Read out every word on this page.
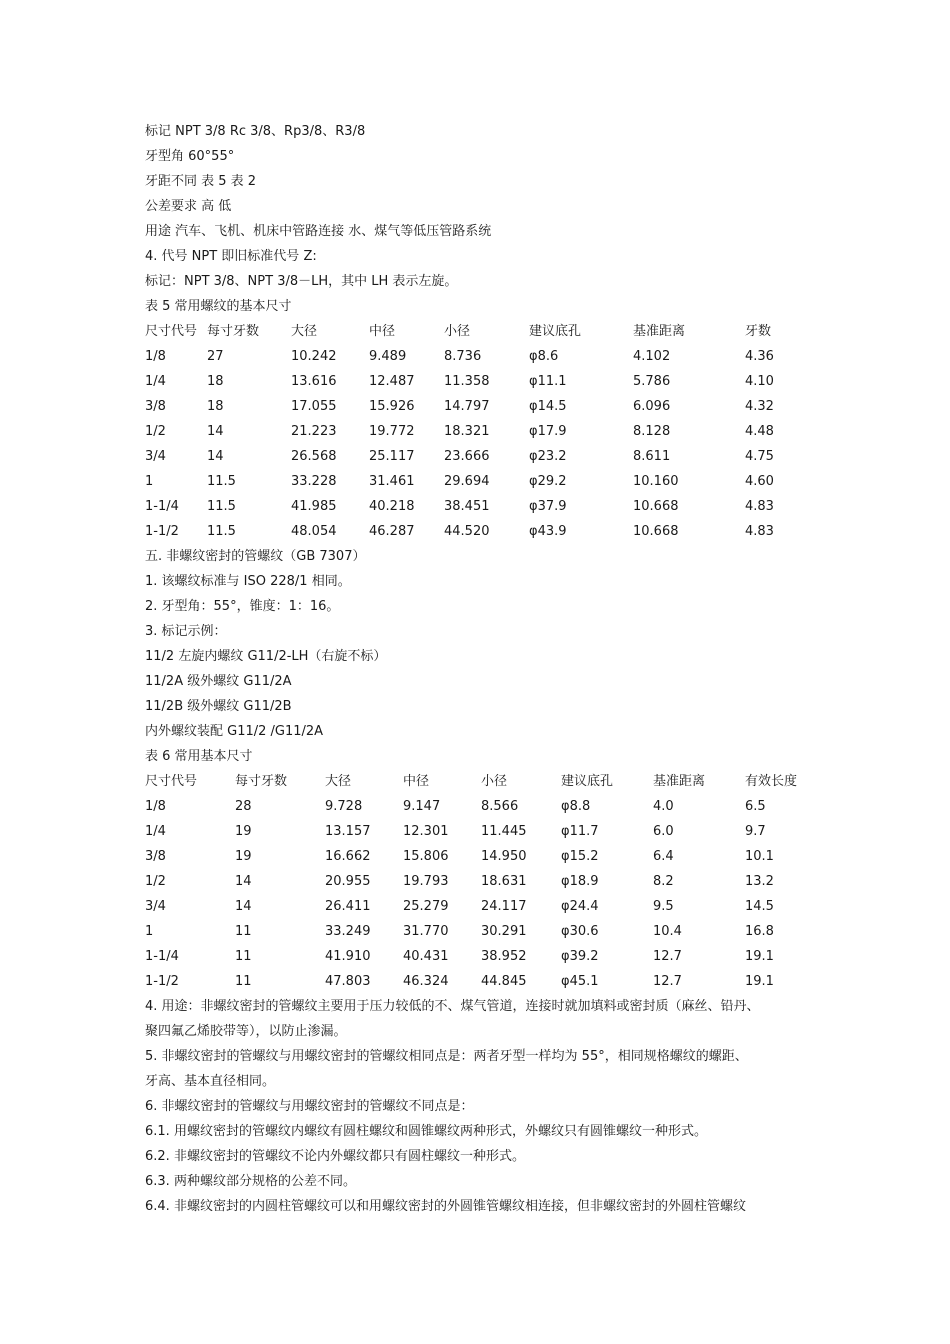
标记 NPT 3/8 Rc 3/8、Rp3/8、R3/8
牙型角 60°55°
牙距不同 表 5 表 2
公差要求 高 低
用途 汽车、飞机、机床中管路连接 水、煤气等低压管路系统
4. 代号 NPT 即旧标准代号 Z:
标记：NPT 3/8、NPT 3/8－LH，其中 LH 表示左旋。
表 5 常用螺纹的基本尺寸
尺寸代号 每寸牙数 大径	中径	小径	建议底孔	基准距离	牙数
1/8	27	10.242	9.489	8.736	φ8.6	4.102	4.36
1/4	18	13.616	12.487 11.358	φ11.1	5.786	4.10
3/8	18	17.055	15.926 14.797	φ14.5	6.096	4.32
1/2	14	21.223	19.772 18.321	φ17.9	8.128	4.48
3/4	14	26.568	25.117 23.666	φ23.2	8.611	4.75
1	11.5	33.228	31.461 29.694	φ29.2	10.160	4.60
1-1/4 11.5	41.985	40.218 38.451	φ37.9	10.668	4.83
1-1/2 11.5	48.054	46.287 44.520	φ43.9	10.668	4.83
五. 非螺纹密封的管螺纹（GB 7307）
1. 该螺纹标准与 ISO 228/1 相同。
2. 牙型角：55°，锥度：1：16。
3. 标记示例：
11/2 左旋内螺纹 G11/2-LH（右旋不标）
11/2A 级外螺纹 G11/2A
11/2B 级外螺纹 G11/2B
内外螺纹装配 G11/2 /G11/2A
表 6 常用基本尺寸
尺寸代号	每寸牙数	大径	中径	小径	建议底孔	基准距离	有效长度
1/8	28	9.728	9.147	8.566	φ8.8	4.0	6.5
1/4	19	13.157	12.301	11.445	φ11.7	6.0	9.7
3/8	19	16.662	15.806	14.950	φ15.2	6.4	10.1
1/2	14	20.955	19.793	18.631	φ18.9	8.2	13.2
3/4	14	26.411	25.279	24.117	φ24.4	9.5	14.5
1	11	33.249	31.770	30.291	φ30.6	10.4	16.8
1-1/4	11	41.910	40.431	38.952	φ39.2	12.7	19.1
1-1/2	11	47.803	46.324	44.845	φ45.1	12.7	19.1
4. 用途：非螺纹密封的管螺纹主要用于压力较低的不、煤气管道，连接时就加填料或密封质（麻丝、铅丹、
聚四氟乙烯胶带等），以防止渗漏。
5. 非螺纹密封的管螺纹与用螺纹密封的管螺纹相同点是：两者牙型一样均为 55°，相同规格螺纹的螺距、
牙高、基本直径相同。
6. 非螺纹密封的管螺纹与用螺纹密封的管螺纹不同点是：
6.1. 用螺纹密封的管螺纹内螺纹有圆柱螺纹和圆锥螺纹两种形式，外螺纹只有圆锥螺纹一种形式。
6.2. 非螺纹密封的管螺纹不论内外螺纹都只有圆柱螺纹一种形式。
6.3. 两种螺纹部分规格的公差不同。
6.4. 非螺纹密封的内圆柱管螺纹可以和用螺纹密封的外圆锥管螺纹相连接，但非螺纹密封的外圆柱管螺纹
